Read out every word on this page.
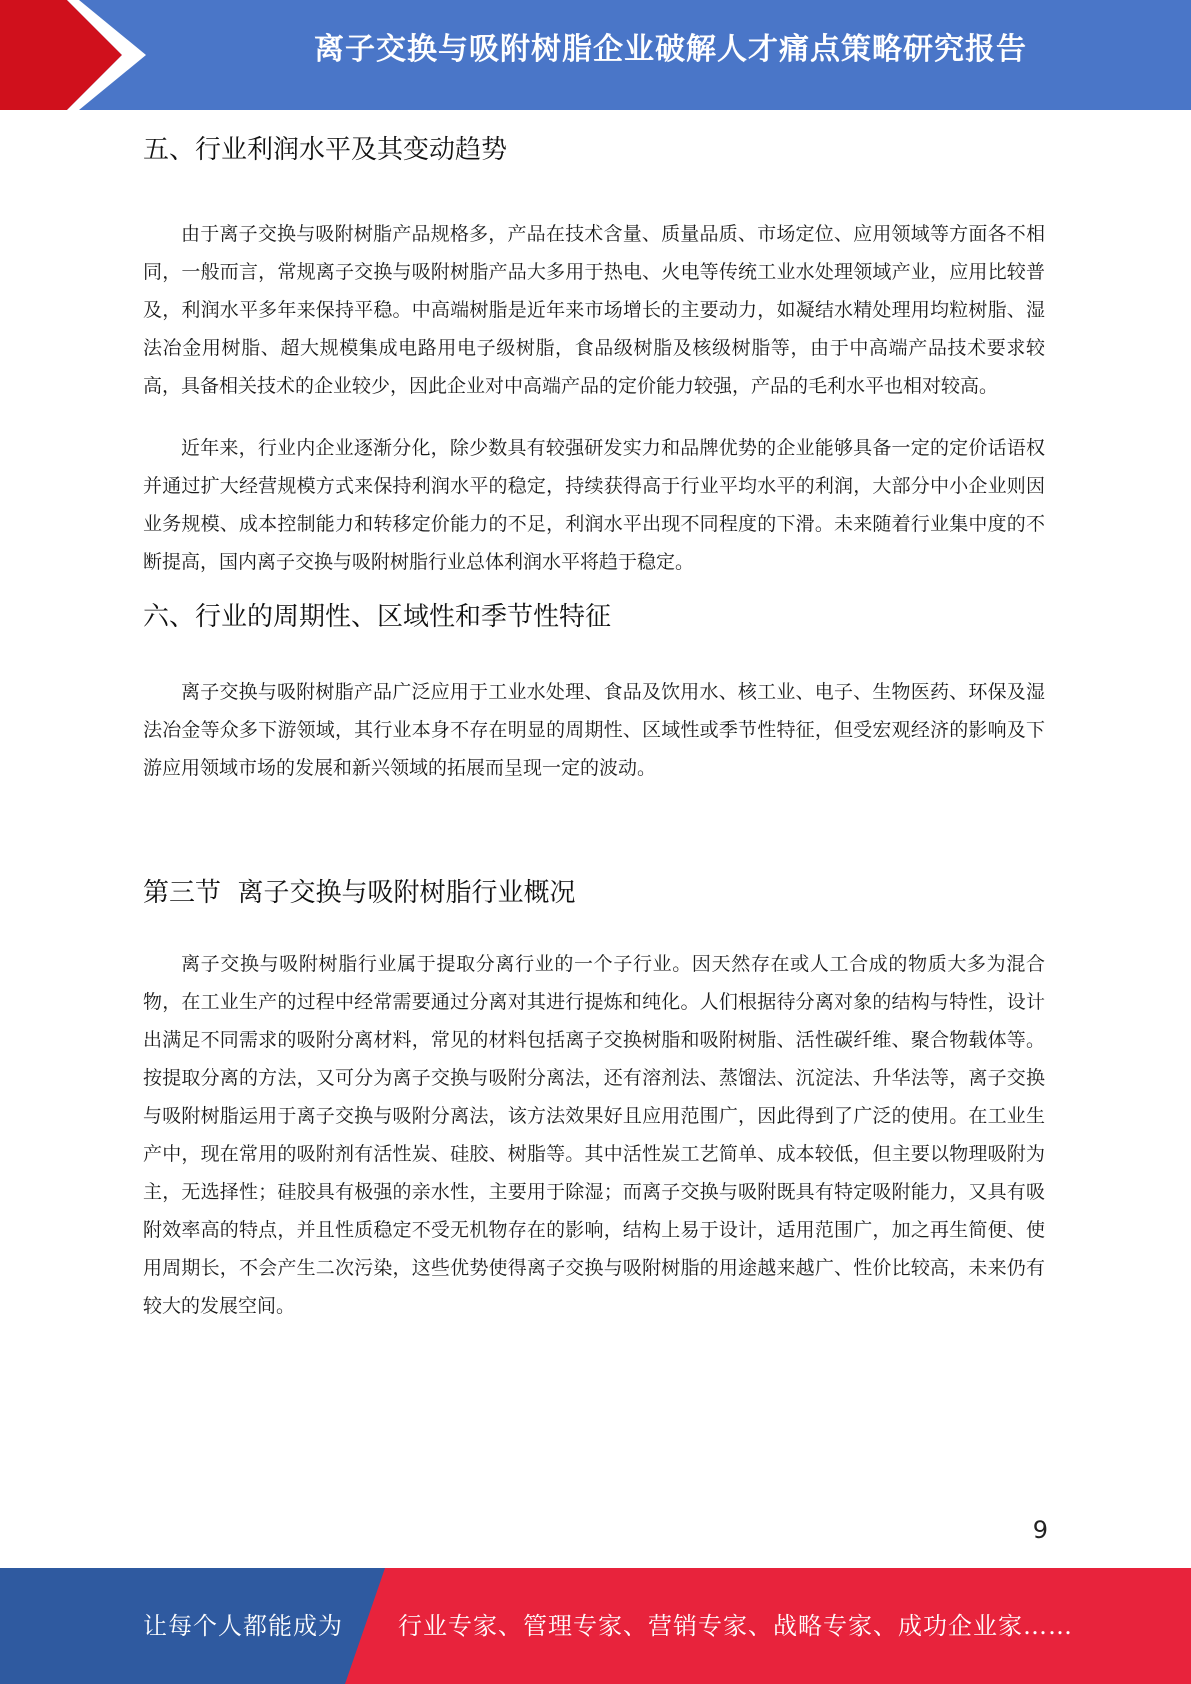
离子交换与吸附树脂企业破解人才痛点策略研究报告
五、行业利润水平及其变动趋势

由于离子交换与吸附树脂产品规格多，产品在技术含量、质量品质、市场定位、应用领域等方面各不相同，一般而言，常规离子交换与吸附树脂产品大多用于热电、火电等传统工业水处理领域产业，应用比较普及，利润水平多年来保持平稳。中高端树脂是近年来市场增长的主要动力，如凝结水精处理用均粒树脂、湿法冶金用树脂、超大规模集成电路用电子级树脂，食品级树脂及核级树脂等，由于中高端产品技术要求较高，具备相关技术的企业较少，因此企业对中高端产品的定价能力较强，产品的毛利水平也相对较高。

近年来，行业内企业逐渐分化，除少数具有较强研发实力和品牌优势的企业能够具备一定的定价话语权并通过扩大经营规模方式来保持利润水平的稳定，持续获得高于行业平均水平的利润，大部分中小企业则因业务规模、成本控制能力和转移定价能力的不足，利润水平出现不同程度的下滑。未来随着行业集中度的不断提高，国内离子交换与吸附树脂行业总体利润水平将趋于稳定。

六、行业的周期性、区域性和季节性特征

离子交换与吸附树脂产品广泛应用于工业水处理、食品及饮用水、核工业、电子、生物医药、环保及湿法冶金等众多下游领域，其行业本身不存在明显的周期性、区域性或季节性特征，但受宏观经济的影响及下游应用领域市场的发展和新兴领域的拓展而呈现一定的波动。

第三节  离子交换与吸附树脂行业概况

离子交换与吸附树脂行业属于提取分离行业的一个子行业。因天然存在或人工合成的物质大多为混合物，在工业生产的过程中经常需要通过分离对其进行提炼和纯化。人们根据待分离对象的结构与特性，设计出满足不同需求的吸附分离材料，常见的材料包括离子交换树脂和吸附树脂、活性碳纤维、聚合物载体等。按提取分离的方法，又可分为离子交换与吸附分离法，还有溶剂法、蒸馏法、沉淀法、升华法等，离子交换与吸附树脂运用于离子交换与吸附分离法，该方法效果好且应用范围广，因此得到了广泛的使用。在工业生产中，现在常用的吸附剂有活性炭、硅胶、树脂等。其中活性炭工艺简单、成本较低，但主要以物理吸附为主，无选择性；硅胶具有极强的亲水性，主要用于除湿；而离子交换与吸附既具有特定吸附能力，又具有吸附效率高的特点，并且性质稳定不受无机物存在的影响，结构上易于设计，适用范围广，加之再生简便、使用周期长，不会产生二次污染，这些优势使得离子交换与吸附树脂的用途越来越广、性价比较高，未来仍有较大的发展空间。

9
让每个人都能成为 行业专家、管理专家、营销专家、战略专家、成功企业家……
